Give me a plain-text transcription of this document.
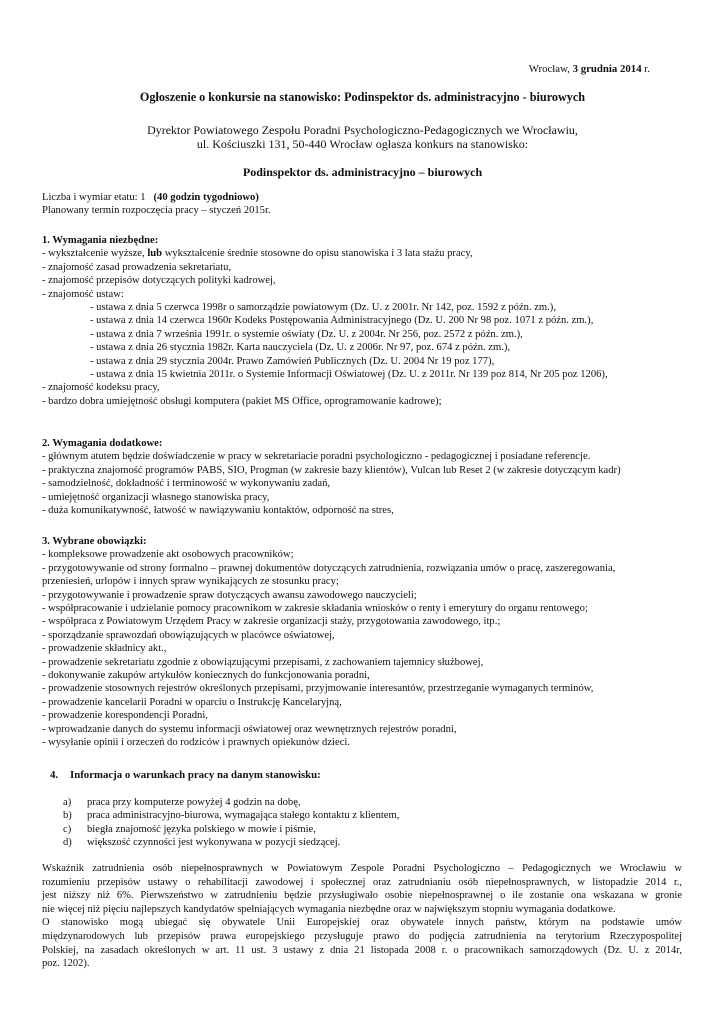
Wrocław, 3 grudnia 2014 r.
Ogłoszenie o konkursie na stanowisko: Podinspektor ds. administracyjno - biurowych
Dyrektor Powiatowego Zespołu Poradni Psychologiczno-Pedagogicznych we Wrocławiu,
ul. Kościuszki 131, 50-440 Wrocław ogłasza konkurs na stanowisko:
Podinspektor ds. administracyjno – biurowych
Liczba i wymiar etatu: 1 (40 godzin tygodniowo)
Planowany termin rozpoczęcia pracy – styczeń 2015r.
1. Wymagania niezbędne:
- wykształcenie wyższe, lub wykształcenie średnie stosowne do opisu stanowiska i 3 lata stażu pracy,
- znajomość zasad prowadzenia sekretariatu,
- znajomość przepisów dotyczących polityki kadrowej,
- znajomość ustaw:
- ustawa z dnia 5 czerwca 1998r o samorządzie powiatowym (Dz. U. z 2001r. Nr 142, poz. 1592 z późn. zm.),
- ustawa z dnia 14 czerwca 1960r Kodeks Postępowania Administracyjnego (Dz. U. 200 Nr 98 poz. 1071 z późn. zm.),
- ustawa z dnia 7 września 1991r. o systemie oświaty (Dz. U. z 2004r. Nr 256, poz. 2572 z późn. zm.),
- ustawa z dnia 26 stycznia 1982r. Karta nauczyciela (Dz. U. z 2006r. Nr 97, poz. 674 z późn. zm.),
- ustawa z dnia 29 stycznia 2004r. Prawo Zamówień Publicznych (Dz. U. 2004 Nr 19 poz 177),
- ustawa z dnia 15 kwietnia 2011r. o Systemie Informacji Oświatowej (Dz. U. z 2011r. Nr 139 poz 814, Nr 205 poz 1206),
- znajomość kodeksu pracy,
- bardzo dobra umiejętność obsługi komputera (pakiet MS Office, oprogramowanie kadrowe);
2. Wymagania dodatkowe:
- głównym atutem będzie doświadczenie w pracy w sekretariacie poradni psychologiczno - pedagogicznej i posiadane referencje.
- praktyczna znajomość programów PABS, SIO, Progman (w zakresie bazy klientów), Vulcan lub Reset 2 (w zakresie dotyczącym kadr)
- samodzielność, dokładność i terminowość w wykonywaniu zadań,
- umiejętność organizacji własnego stanowiska pracy,
- duża komunikatywność, łatwość w nawiązywaniu kontaktów, odporność na stres,
3. Wybrane obowiązki:
- kompleksowe prowadzenie akt osobowych pracowników;
- przygotowywanie od strony formalno – prawnej dokumentów dotyczących zatrudnienia, rozwiązania umów o pracę, zaszeregowania,
przeniesień, urlopów i innych spraw wynikających ze stosunku pracy;
- przygotowywanie i prowadzenie spraw dotyczących awansu zawodowego nauczycieli;
- współpracowanie i udzielanie pomocy pracownikom w zakresie składania wniosków o renty i emerytury do organu rentowego;
- współpraca z Powiatowym Urzędem Pracy w zakresie organizacji staży, przygotowania zawodowego, itp.;
- sporządzanie sprawozdań obowiązujących w placówce oświatowej,
- prowadzenie składnicy akt.,
- prowadzenie sekretariatu zgodnie z obowiązującymi przepisami, z zachowaniem tajemnicy służbowej,
- dokonywanie zakupów artykułów koniecznych do funkcjonowania poradni,
- prowadzenie stosownych rejestrów określonych przepisami, przyjmowanie interesantów, przestrzeganie wymaganych terminów,
- prowadzenie kancelarii Poradni w oparciu o Instrukcję Kancelaryjną,
- prowadzenie korespondencji Poradni,
- wprowadzanie danych do systemu informacji oświatowej oraz wewnętrznych rejestrów poradni,
- wysyłanie opinii i orzeczeń do rodziców i prawnych opiekunów dzieci.
4. Informacja o warunkach pracy na danym stanowisku:
a) praca przy komputerze powyżej 4 godzin na dobę,
b) praca administracyjno-biurowa, wymagająca stałego kontaktu z klientem,
c) biegła znajomość języka polskiego w mowie i piśmie,
d) większość czynności jest wykonywana w pozycji siedzącej.
Wskaźnik zatrudnienia osób niepełnosprawnych w Powiatowym Zespole Poradni Psychologiczno – Pedagogicznych we Wrocławiu w
rozumieniu przepisów ustawy o rehabilitacji zawodowej i społecznej oraz zatrudnianiu osób niepełnosprawnych, w listopadzie 2014 r.,
jest niższy niż 6%. Pierwszeństwo w zatrudnieniu będzie przysługiwało osobie niepełnosprawnej o ile zostanie ona wskazana w gronie
nie więcej niż pięciu najlepszych kandydatów spełniających wymagania niezbędne oraz w największym stopniu wymagania dodatkowe.
O stanowisko mogą ubiegać się obywatele Unii Europejskiej oraz obywatele innych państw, którym na podstawie umów
międzynarodowych lub przepisów prawa europejskiego przysługuje prawo do podjęcia zatrudnienia na terytorium Rzeczypospolitej
Polskiej, na zasadach określonych w art. 11 ust. 3 ustawy z dnia 21 listopada 2008 r. o pracownikach samorządowych (Dz. U. z 2014r,
poz. 1202).
